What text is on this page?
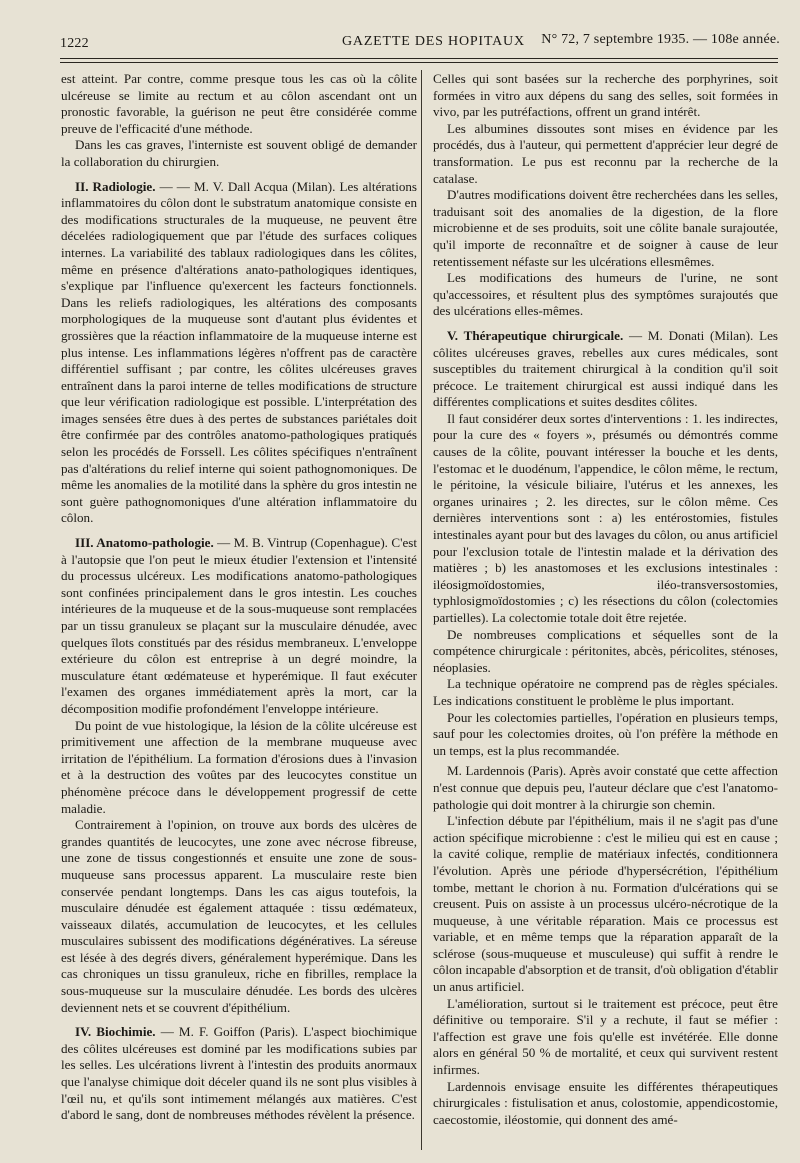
1222	GAZETTE DES HOPITAUX N° 72, 7 septembre 1935. — 108e année.

est atteint. Par contre, comme presque tous les cas où la côlite ulcéreuse se limite au rectum et au côlon ascendant ont un pronostic favorable, la guérison ne peut être considérée comme preuve de l'efficacité d'une méthode.

Dans les cas graves, l'interniste est souvent obligé de demander la collaboration du chirurgien.

II. Radiologie. — — M. V. Dall Acqua (Milan). Les altérations inflammatoires du côlon dont le substratum anatomique consiste en des modifications structurales de la muqueuse, ne peuvent être décelées radiologiquement que par l'étude des surfaces coliques internes. La variabilité des tablaux radiologiques dans les côlites, même en présence d'altérations anato-pathologiques identiques, s'explique par l'influence qu'exercent les facteurs fonctionnels. Dans les reliefs radiologiques, les altérations des composants morphologiques de la muqueuse sont d'autant plus évidentes et grossières que la réaction inflammatoire de la muqueuse interne est plus intense. Les inflammations légères n'offrent pas de caractère différentiel suffisant ; par contre, les côlites ulcéreuses graves entraînent dans la paroi interne de telles modifications de structure que leur vérification radiologique est possible. L'interprétation des images sensées être dues à des pertes de substances pariétales doit être confirmée par des contrôles anatomo-pathologiques pratiqués selon les procédés de Forssell. Les côlites spécifiques n'entraînent pas d'altérations du relief interne qui soient pathognomoniques. De même les anomalies de la motilité dans la sphère du gros intestin ne sont guère pathognomoniques d'une altération inflammatoire du côlon.

III. Anatomo-pathologie. — M. B. Vintrup (Copenhague). C'est à l'autopsie que l'on peut le mieux étudier l'extension et l'intensité du processus ulcéreux. Les modifications anatomo-pathologiques sont confinées principalement dans le gros intestin. Les couches intérieures de la muqueuse et de la sous-muqueuse sont remplacées par un tissu granuleux se plaçant sur la musculaire dénudée, avec quelques îlots constitués par des résidus membraneux. L'enveloppe extérieure du côlon est entreprise à un degré moindre, la musculature étant œdémateuse et hyperémique. Il faut exécuter l'examen des organes immédiatement après la mort, car la décomposition modifie profondément l'enveloppe intérieure.

Du point de vue histologique, la lésion de la côlite ulcéreuse est primitivement une affection de la membrane muqueuse avec irritation de l'épithélium. La formation d'érosions dues à l'invasion et à la destruction des voûtes par des leucocytes constitue un phénomène précoce dans le développement progressif de cette maladie.

Contrairement à l'opinion, on trouve aux bords des ulcères de grandes quantités de leucocytes, une zone avec nécrose fibreuse, une zone de tissus congestionnés et ensuite une zone de sous-muqueuse sans processus apparent. La musculaire reste bien conservée pendant longtemps. Dans les cas aigus toutefois, la musculaire dénudée est également attaquée : tissu œdémateux, vaisseaux dilatés, accumulation de leucocytes, et les cellules musculaires subissent des modifications dégénératives. La séreuse est lésée à des degrés divers, généralement hyperémique. Dans les cas chroniques un tissu granuleux, riche en fibrilles, remplace la sous-muqueuse sur la musculaire dénudée. Les bords des ulcères deviennent nets et se couvrent d'épithélium.

IV. Biochimie. — M. F. Goiffon (Paris). L'aspect biochimique des côlites ulcéreuses est dominé par les modifications subies par les selles. Les ulcérations livrent à l'intestin des produits anormaux que l'analyse chimique doit déceler quand ils ne sont plus visibles à l'œil nu, et qu'ils sont intimement mélangés aux matières. C'est d'abord le sang, dont de nombreuses méthodes révèlent la présence.

Celles qui sont basées sur la recherche des porphyrines, soit formées in vitro aux dépens du sang des selles, soit formées in vivo, par les putréfactions, offrent un grand intérêt.

Les albumines dissoutes sont mises en évidence par les procédés, dus à l'auteur, qui permettent d'apprécier leur degré de transformation. Le pus est reconnu par la recherche de la catalase.

D'autres modifications doivent être recherchées dans les selles, traduisant soit des anomalies de la digestion, de la flore microbienne et de ses produits, soit une côlite banale surajoutée, qu'il importe de reconnaître et de soigner à cause de leur retentissement néfaste sur les ulcérations ellesmêmes.

Les modifications des humeurs de l'urine, ne sont qu'accessoires, et résultent plus des symptômes surajoutés que des ulcérations elles-mêmes.

V. Thérapeutique chirurgicale. — M. Donati (Milan). Les côlites ulcéreuses graves, rebelles aux cures médicales, sont susceptibles du traitement chirurgical à la condition qu'il soit précoce. Le traitement chirurgical est aussi indiqué dans les différentes complications et suites desdites côlites.

Il faut considérer deux sortes d'interventions : 1. les indirectes, pour la cure des « foyers », présumés ou démontrés comme causes de la côlite, pouvant intéresser la bouche et les dents, l'estomac et le duodénum, l'appendice, le côlon même, le rectum, le péritoine, la vésicule biliaire, l'utérus et les annexes, les organes urinaires ; 2. les directes, sur le côlon même. Ces dernières interventions sont : a) les entérostomies, fistules intestinales ayant pour but des lavages du côlon, ou anus artificiel pour l'exclusion totale de l'intestin malade et la dérivation des matières ; b) les anastomoses et les exclusions intestinales : iléosigmoïdostomies, iléo-transversostomies, typhlosigmoïdostomies ; c) les résections du côlon (colectomies partielles). La colectomie totale doit être rejetée.

De nombreuses complications et séquelles sont de la compétence chirurgicale : péritonites, abcès, péricolites, sténoses, néoplasies.

La technique opératoire ne comprend pas de règles spéciales. Les indications constituent le problème le plus important.

Pour les colectomies partielles, l'opération en plusieurs temps, sauf pour les colectomies droites, où l'on préfère la méthode en un temps, est la plus recommandée.

M. Lardennois (Paris). Après avoir constaté que cette affection n'est connue que depuis peu, l'auteur déclare que c'est l'anatomo-pathologie qui doit montrer à la chirurgie son chemin.

L'infection débute par l'épithélium, mais il ne s'agit pas d'une action spécifique microbienne : c'est le milieu qui est en cause ; la cavité colique, remplie de matériaux infectés, conditionnera l'évolution. Après une période d'hypersécrétion, l'épithélium tombe, mettant le chorion à nu. Formation d'ulcérations qui se creusent. Puis on assiste à un processus ulcéro-nécrotique de la muqueuse, à une véritable réparation. Mais ce processus est variable, et en même temps que la réparation apparaît de la sclérose (sous-muqueuse et musculeuse) qui suffit à rendre le côlon incapable d'absorption et de transit, d'où obligation d'établir un anus artificiel.

L'amélioration, surtout si le traitement est précoce, peut être définitive ou temporaire. S'il y a rechute, il faut se méfier : l'affection est grave une fois qu'elle est invétérée. Elle donne alors en général 50 % de mortalité, et ceux qui survivent restent infirmes.

Lardennois envisage ensuite les différentes thérapeutiques chirurgicales : fistulisation et anus, colostomie, appendicostomie, caecostomie, iléostomie, qui donnent des amé-
